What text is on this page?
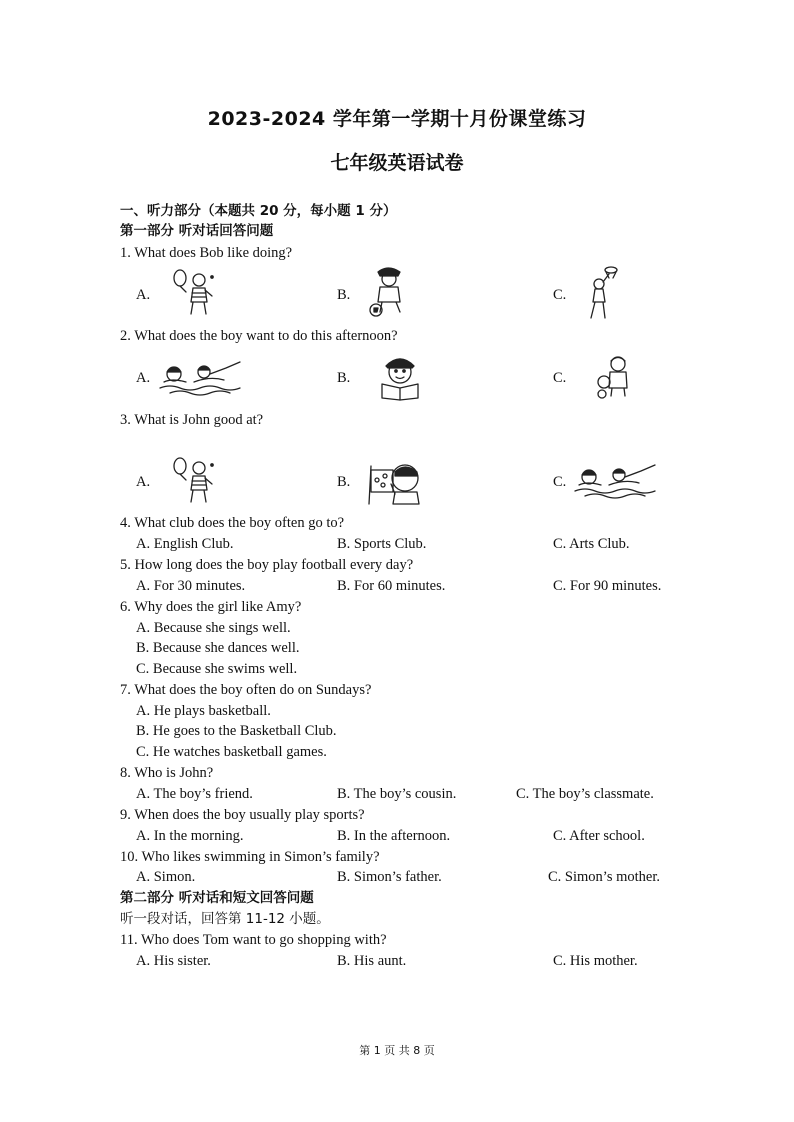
2023-2024 学年第一学期十月份课堂练习
七年级英语试卷
一、听力部分（本题共 20 分，每小题 1 分）
第一部分 听对话回答问题
1. What does Bob like doing?
A.	B.	C.
2. What does the boy want to do this afternoon?
A.	B.	C.
3. What is John good at?
A.	B.	C.
4. What club does the boy often go to?
A. English Club.	B. Sports Club.	C. Arts Club.
5. How long does the boy play football every day?
A. For 30 minutes.	B. For 60 minutes.	C. For 90 minutes.
6. Why does the girl like Amy?
A. Because she sings well.
B. Because she dances well.
C. Because she swims well.
7. What does the boy often do on Sundays?
A. He plays basketball.
B. He goes to the Basketball Club.
C. He watches basketball games.
8. Who is John?
A. The boy’s friend.	B. The boy’s cousin.	C. The boy’s classmate.
9. When does the boy usually play sports?
A. In the morning.	B. In the afternoon.	C. After school.
10. Who likes swimming in Simon’s family?
A. Simon.	B. Simon’s father.	C. Simon’s mother.
第二部分 听对话和短文回答问题
听一段对话，回答第 11-12 小题。
11. Who does Tom want to go shopping with?
A. His sister.	B. His aunt.	C. His mother.
第 1 页 共 8 页
